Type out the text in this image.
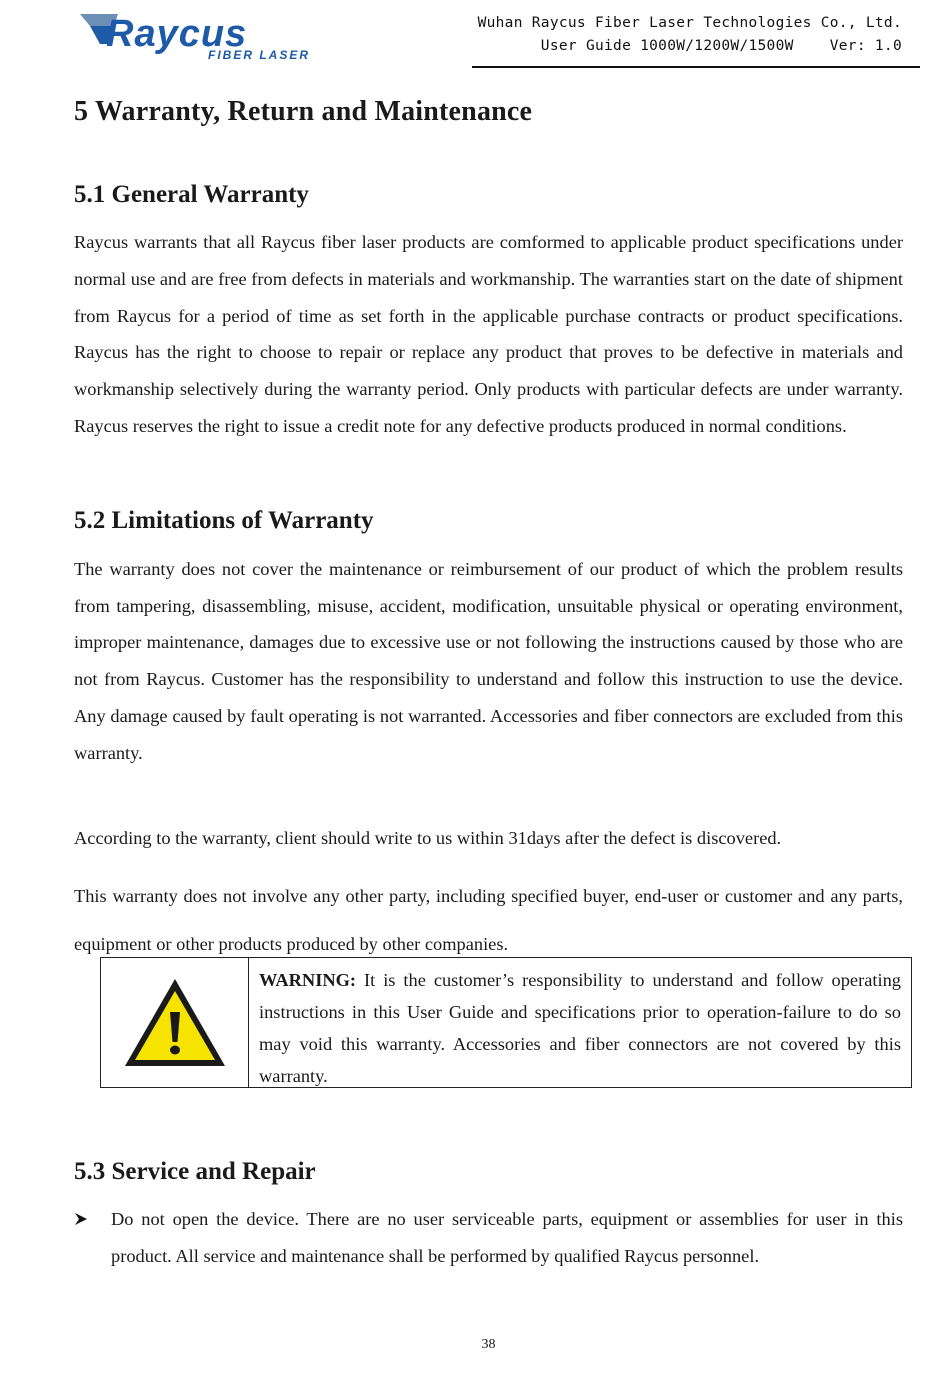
Raycus
FIBER LASER
Wuhan Raycus Fiber Laser Technologies Co., Ltd.
User Guide 1000W/1200W/1500W    Ver: 1.0
5 Warranty, Return and Maintenance
5.1 General Warranty

Raycus warrants that all Raycus fiber laser products are comformed to applicable product specifications under normal use and are free from defects in materials and workmanship. The warranties start on the date of shipment from Raycus for a period of time as set forth in the applicable purchase contracts or product specifications. Raycus has the right to choose to repair or replace any product that proves to be defective in materials and workmanship selectively during the warranty period. Only products with particular defects are under warranty. Raycus reserves the right to issue a credit note for any defective products produced in normal conditions.

5.2 Limitations of Warranty

The warranty does not cover the maintenance or reimbursement of our product of which the problem results from tampering, disassembling, misuse, accident, modification, unsuitable physical or operating environment, improper maintenance, damages due to excessive use or not following the instructions caused by those who are not from Raycus. Customer has the responsibility to understand and follow this instruction to use the device. Any damage caused by fault operating is not warranted. Accessories and fiber connectors are excluded from this warranty.

According to the warranty, client should write to us within 31days after the defect is discovered.

This warranty does not involve any other party, including specified buyer, end-user or customer and any parts, equipment or other products produced by other companies.

WARNING: It is the customer’s responsibility to understand and follow operating instructions in this User Guide and specifications prior to operation-failure to do so may void this warranty. Accessories and fiber connectors are not covered by this warranty.
5.3 Service and Repair

Do not open the device. There are no user serviceable parts, equipment or assemblies for user in this product. All service and maintenance shall be performed by qualified Raycus personnel.

38
